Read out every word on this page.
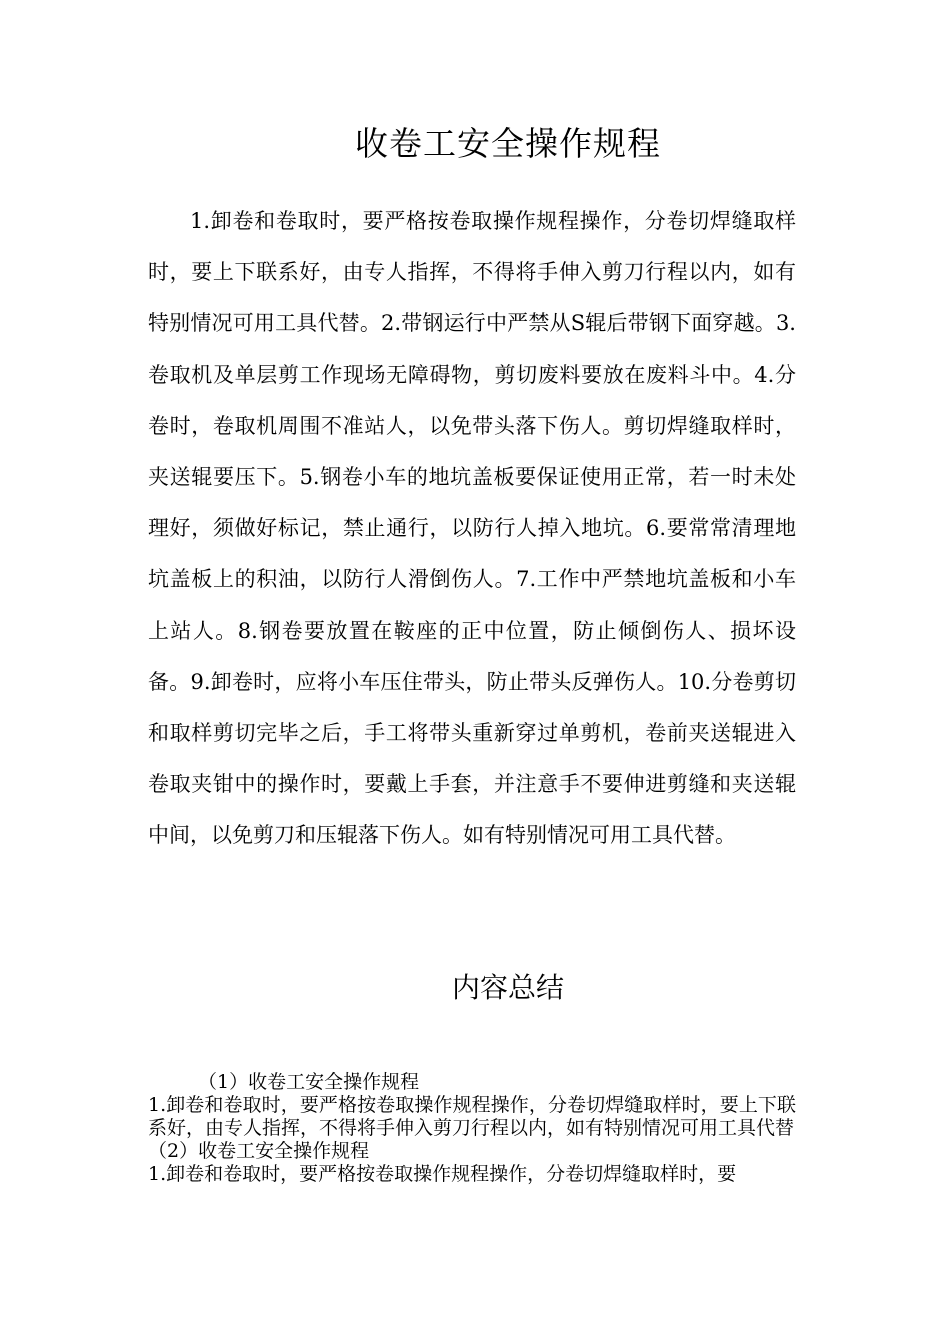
收卷工安全操作规程

1.卸卷和卷取时，要严格按卷取操作规程操作，分卷切焊缝取样时，要上下联系好，由专人指挥，不得将手伸入剪刀行程以内，如有特别情况可用工具代替。2.带钢运行中严禁从S辊后带钢下面穿越。3.卷取机及单层剪工作现场无障碍物，剪切废料要放在废料斗中。4.分卷时，卷取机周围不准站人，以免带头落下伤人。剪切焊缝取样时，夹送辊要压下。5.钢卷小车的地坑盖板要保证使用正常，若一时未处理好，须做好标记，禁止通行，以防行人掉入地坑。6.要常常清理地坑盖板上的积油，以防行人滑倒伤人。7.工作中严禁地坑盖板和小车上站人。8.钢卷要放置在鞍座的正中位置，防止倾倒伤人、损坏设备。9.卸卷时，应将小车压住带头，防止带头反弹伤人。10.分卷剪切和取样剪切完毕之后，手工将带头重新穿过单剪机，卷前夹送辊进入卷取夹钳中的操作时，要戴上手套，并注意手不要伸进剪缝和夹送辊中间，以免剪刀和压辊落下伤人。如有特别情况可用工具代替。

内容总结

（1）收卷工安全操作规程

1.卸卷和卷取时，要严格按卷取操作规程操作，分卷切焊缝取样时，要上下联系好，由专人指挥，不得将手伸入剪刀行程以内，如有特别情况可用工具代替

（2）收卷工安全操作规程

1.卸卷和卷取时，要严格按卷取操作规程操作，分卷切焊缝取样时，要
